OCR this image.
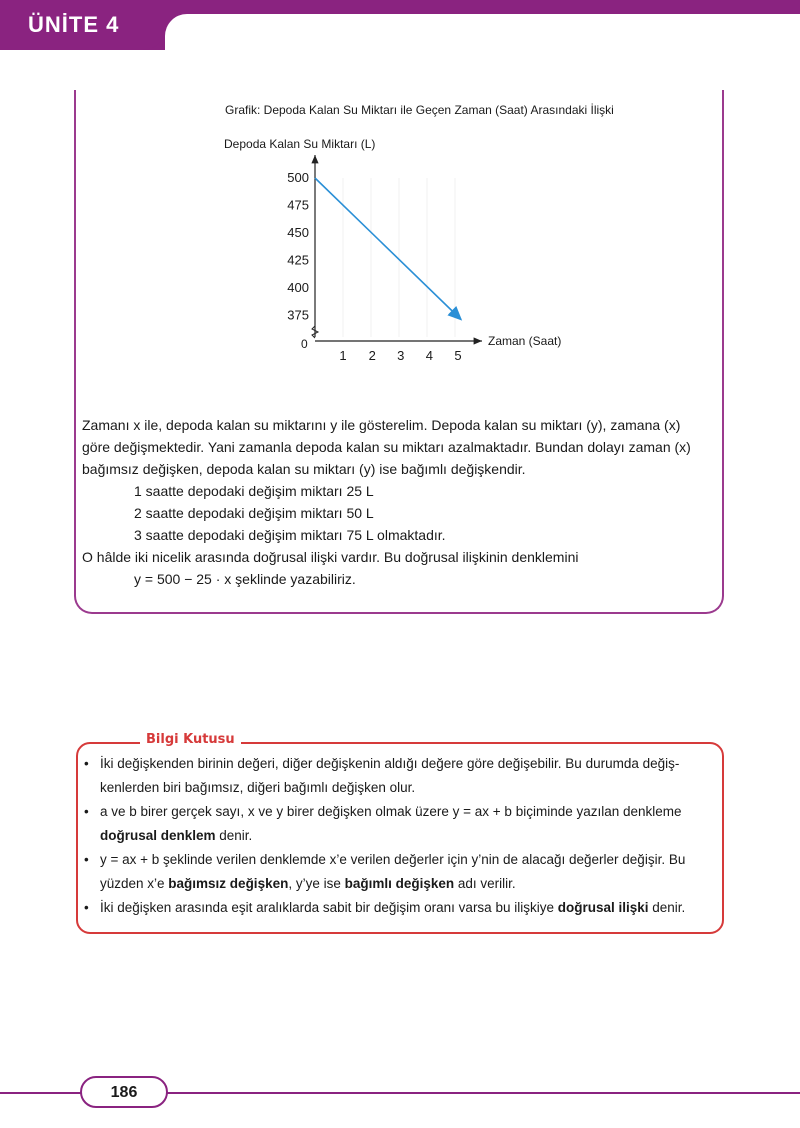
ÜNİTE 4
Grafik: Depoda Kalan Su Miktarı ile Geçen Zaman (Saat) Arasındaki İlişki
Depoda Kalan Su Miktarı (L)
0	Zaman (Saat)
500
475
450
425
400
375
1 2 3 4 5
Zamanı x ile, depoda kalan su miktarını y ile gösterelim. Depoda kalan su miktarı (y), zamana (x)
göre değişmektedir. Yani zamanla depoda kalan su miktarı azalmaktadır. Bundan dolayı zaman (x)
bağımsız değişken, depoda kalan su miktarı (y) ise bağımlı değişkendir.
1 saatte depodaki değişim miktarı 25 L
2 saatte depodaki değişim miktarı 50 L
3 saatte depodaki değişim miktarı 75 L olmaktadır.
O hâlde iki nicelik arasında doğrusal ilişki vardır. Bu doğrusal ilişkinin denklemini
y = 500 − 25 · x şeklinde yazabiliriz.
Bilgi Kutusu
• İki değişkenden birinin değeri, diğer değişkenin aldığı değere göre değişebilir. Bu durumda değiş-
kenlerden biri bağımsız, diğeri bağımlı değişken olur.
• a ve b birer gerçek sayı, x ve y birer değişken olmak üzere y = ax + b biçiminde yazılan denkleme
doğrusal denklem denir.
• y = ax + b şeklinde verilen denklemde x’e verilen değerler için y’nin de alacağı değerler değişir. Bu
yüzden x’e bağımsız değişken, y’ye ise bağımlı değişken adı verilir.
• İki değişken arasında eşit aralıklarda sabit bir değişim oranı varsa bu ilişkiye doğrusal ilişki denir.
186
